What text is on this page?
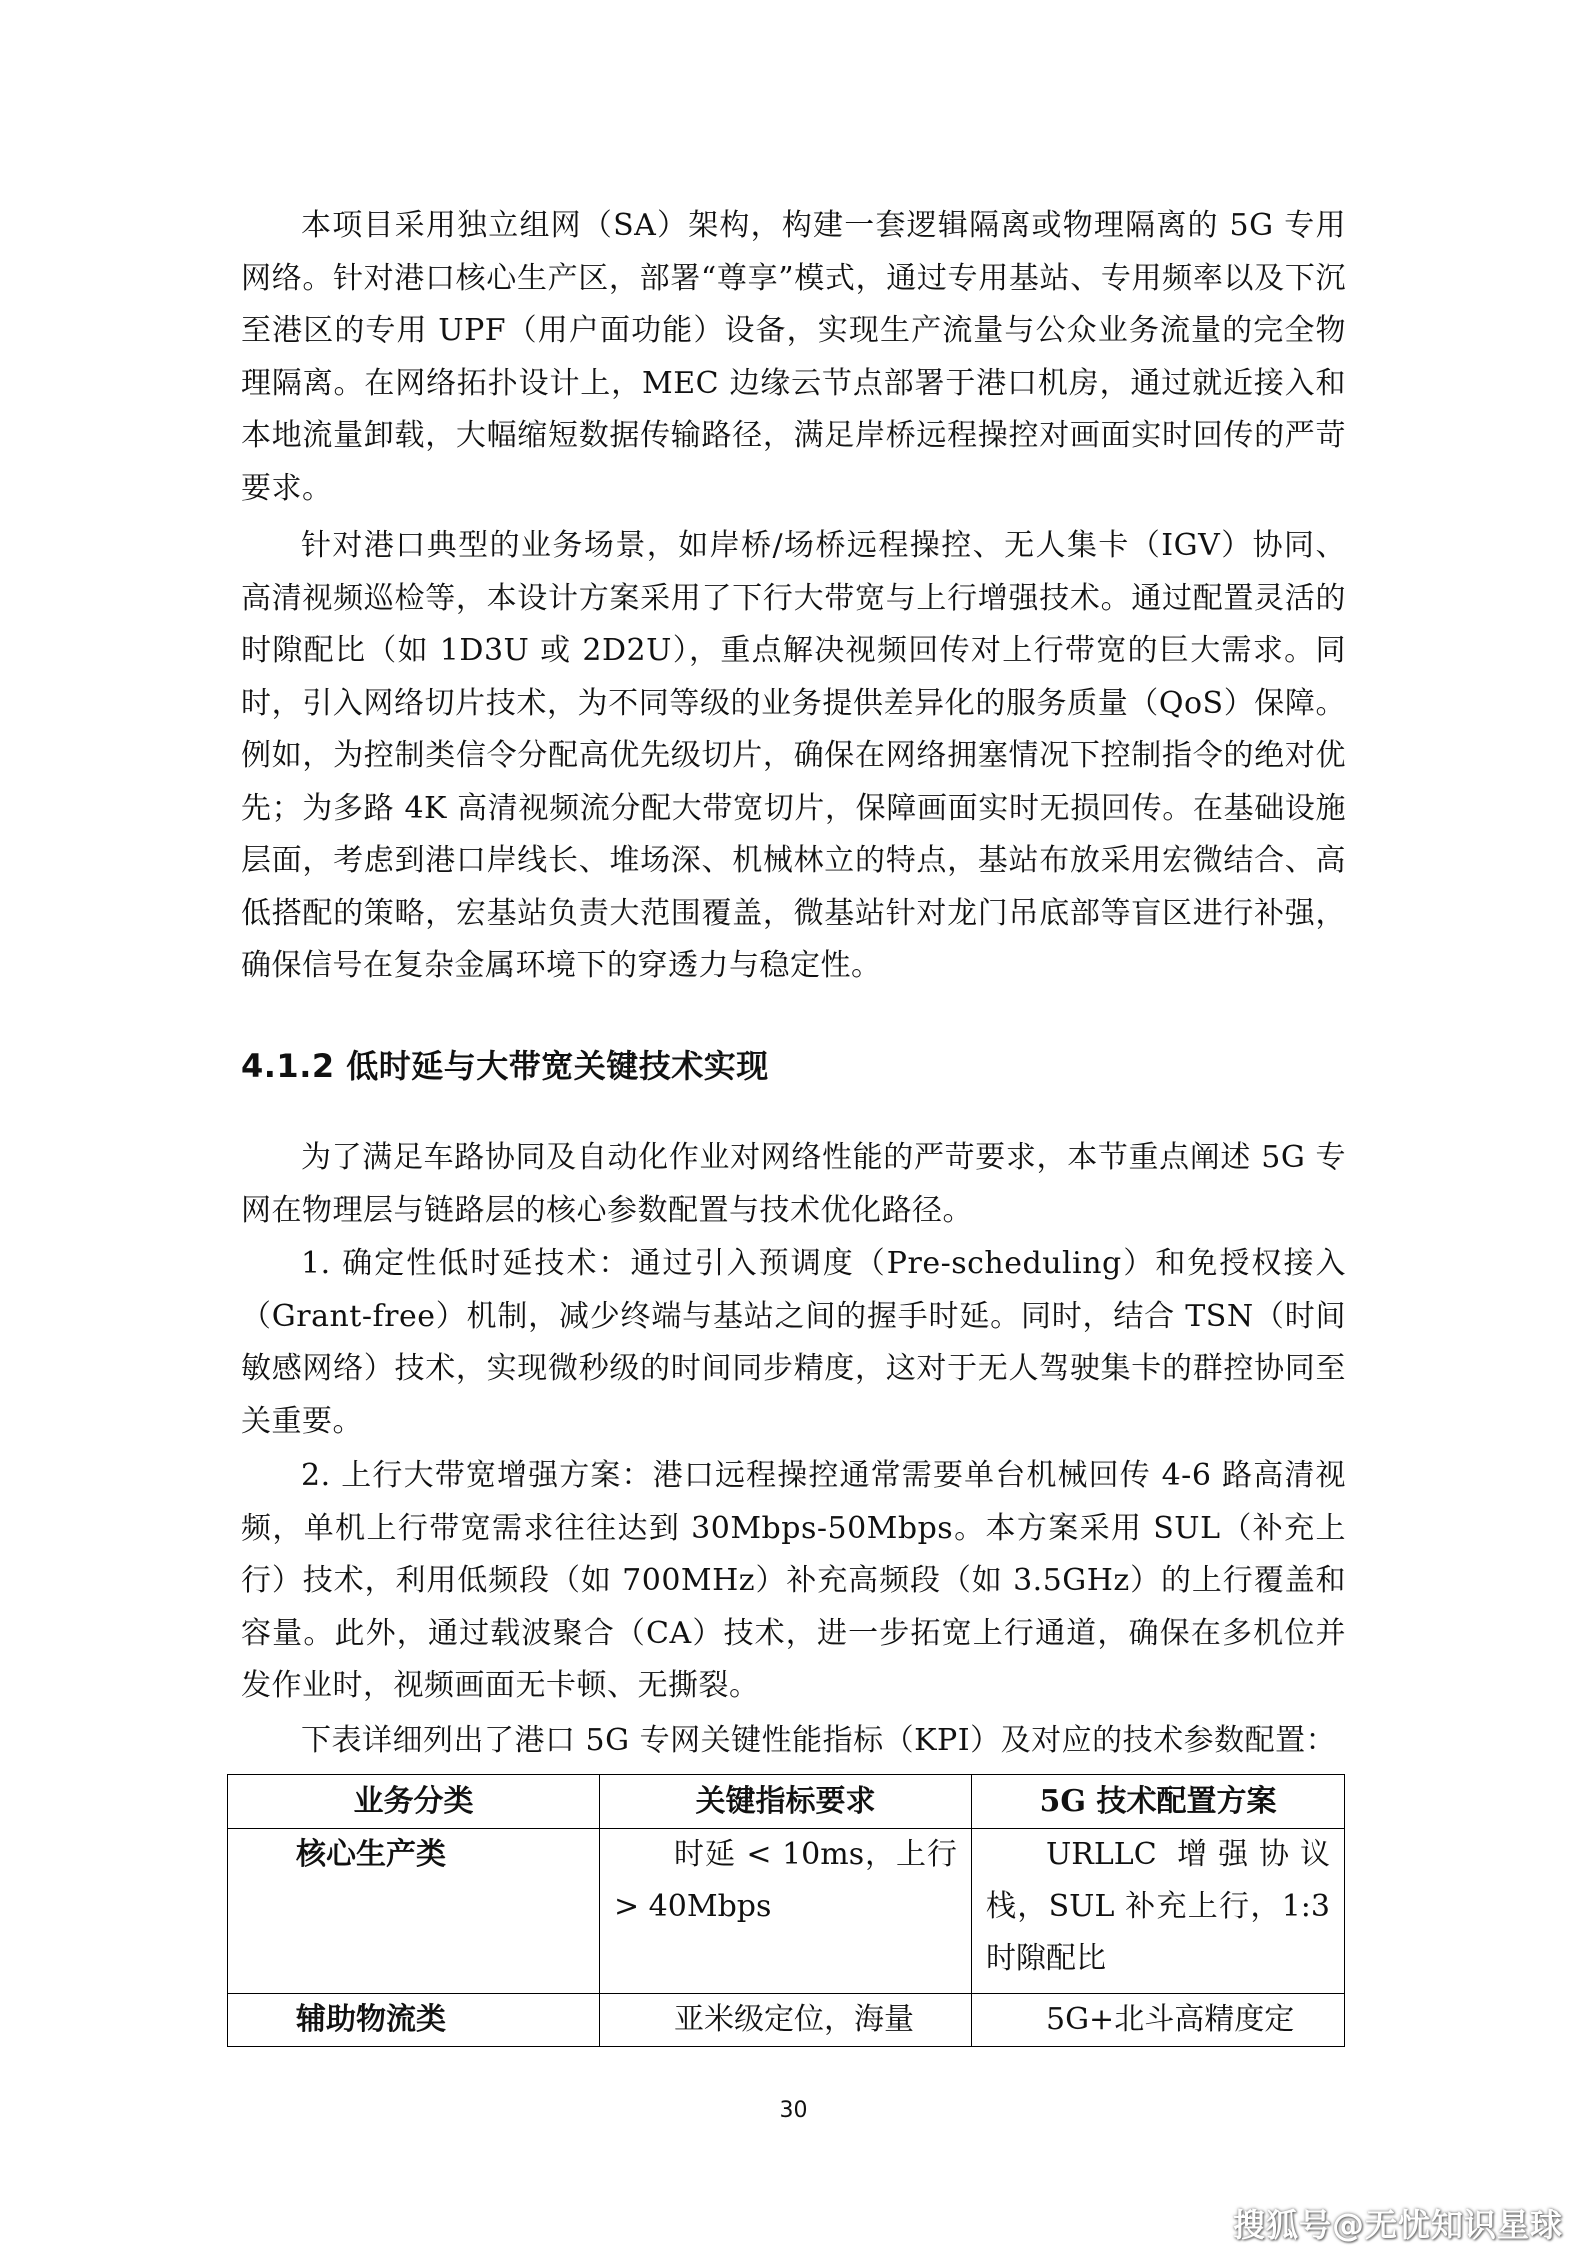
本项目采用独立组网（SA）架构，构建一套逻辑隔离或物理隔离的 5G 专用网络。针对港口核心生产区，部署“尊享”模式，通过专用基站、专用频率以及下沉至港区的专用 UPF（用户面功能）设备，实现生产流量与公众业务流量的完全物理隔离。在网络拓扑设计上，MEC 边缘云节点部署于港口机房，通过就近接入和本地流量卸载，大幅缩短数据传输路径，满足岸桥远程操控对画面实时回传的严苛要求。

针对港口典型的业务场景，如岸桥/场桥远程操控、无人集卡（IGV）协同、高清视频巡检等，本设计方案采用了下行大带宽与上行增强技术。通过配置灵活的时隙配比（如 1D3U 或 2D2U），重点解决视频回传对上行带宽的巨大需求。同时，引入网络切片技术，为不同等级的业务提供差异化的服务质量（QoS）保障。例如，为控制类信令分配高优先级切片，确保在网络拥塞情况下控制指令的绝对优先；为多路 4K 高清视频流分配大带宽切片，保障画面实时无损回传。在基础设施层面，考虑到港口岸线长、堆场深、机械林立的特点，基站布放采用宏微结合、高低搭配的策略，宏基站负责大范围覆盖，微基站针对龙门吊底部等盲区进行补强，确保信号在复杂金属环境下的穿透力与稳定性。

4.1.2 低时延与大带宽关键技术实现

为了满足车路协同及自动化作业对网络性能的严苛要求，本节重点阐述 5G 专网在物理层与链路层的核心参数配置与技术优化路径。

1. 确定性低时延技术：通过引入预调度（Pre-scheduling）和免授权接入（Grant-free）机制，减少终端与基站之间的握手时延。同时，结合 TSN（时间敏感网络）技术，实现微秒级的时间同步精度，这对于无人驾驶集卡的群控协同至关重要。

2. 上行大带宽增强方案：港口远程操控通常需要单台机械回传 4-6 路高清视频，单机上行带宽需求往往达到 30Mbps-50Mbps。本方案采用 SUL（补充上行）技术，利用低频段（如 700MHz）补充高频段（如 3.5GHz）的上行覆盖和容量。此外，通过载波聚合（CA）技术，进一步拓宽上行通道，确保在多机位并发作业时，视频画面无卡顿、无撕裂。

下表详细列出了港口 5G 专网关键性能指标（KPI）及对应的技术参数配置：

业务分类	关键指标要求	5G 技术配置方案
核心生产类	时延 < 10ms，上行 > 40Mbps	URLLC 增强协议栈，SUL 补充上行，1:3 时隙配比
辅助物流类	亚米级定位，海量	5G+北斗高精度定
30
搜狐号@无忧知识星球
